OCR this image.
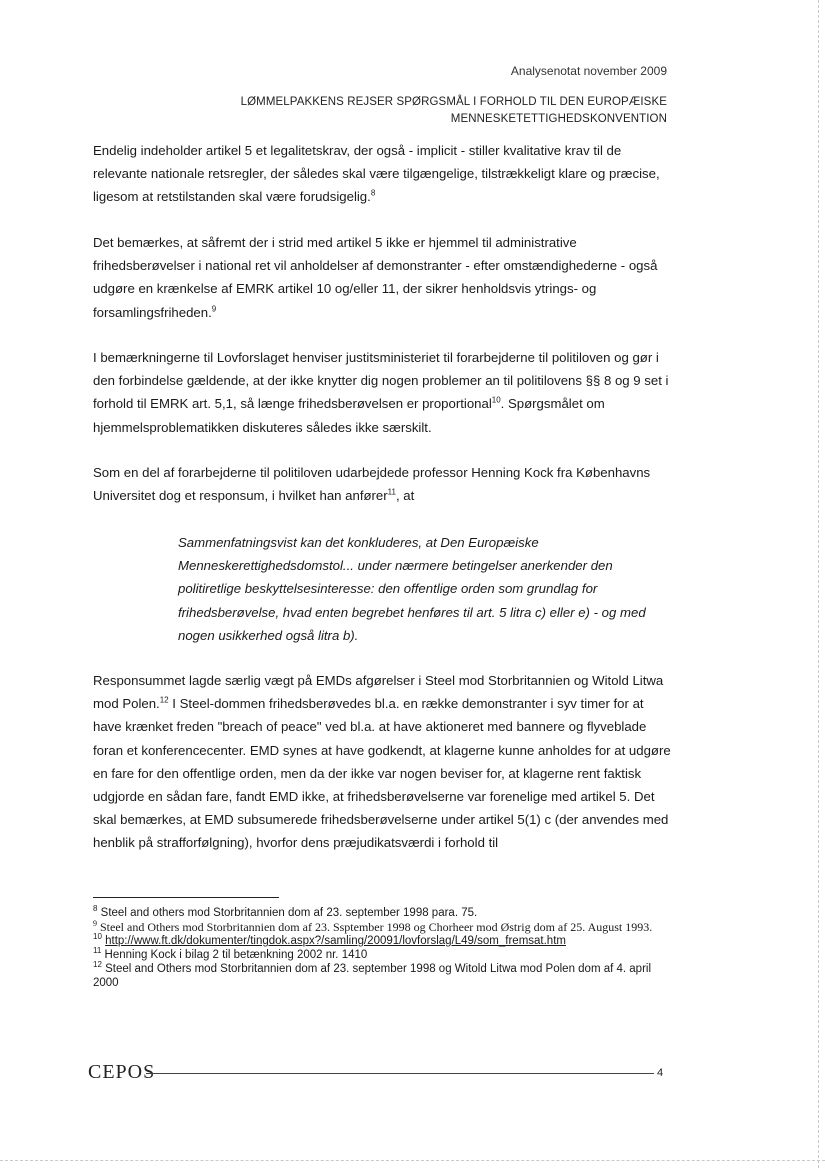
Analysenotat november 2009
LØMMELPAKKENS REJSER SPØRGSMÅL I FORHOLD TIL DEN EUROPÆISKE MENNESKETETTIGHEDSKONVENTION

Endelig indeholder artikel 5 et legalitetskrav, der også - implicit - stiller kvalitative krav til de relevante nationale retsregler, der således skal være tilgængelige, tilstrækkeligt klare og præcise, ligesom at retstilstanden skal være forudsigelig.$^8$

Det bemærkes, at såfremt der i strid med artikel 5 ikke er hjemmel til administrative frihedsberøvelser i national ret vil anholdelser af demonstranter - efter omstændighederne - også udgøre en krænkelse af EMRK artikel 10 og/eller 11, der sikrer henholdsvis ytrings- og forsamlingsfriheden.$^9$

I bemærkningerne til Lovforslaget henviser justitsministeriet til forarbejderne til politiloven og gør i den forbindelse gældende, at der ikke knytter dig nogen problemer an til politilovens §§ 8 og 9 set i forhold til EMRK art. 5,1, så længe frihedsberøvelsen er proportional$^{10}$. Spørgsmålet om hjemmelsproblematikken diskuteres således ikke særskilt.

Som en del af forarbejderne til politiloven udarbejdede professor Henning Kock fra Københavns Universitet dog et responsum, i hvilket han anfører$^{11}$, at

Sammenfatningsvist kan det konkluderes, at Den Europæiske Menneskerettighedsdomstol... under nærmere betingelser anerkender den politiretlige beskyttelsesinteresse: den offentlige orden som grundlag for frihedsberøvelse, hvad enten begrebet henføres til art. 5 litra c) eller e) - og med nogen usikkerhed også litra b).

Responsummet lagde særlig vægt på EMDs afgørelser i Steel mod Storbritannien og Witold Litwa mod Polen.$^{12}$ I Steel-dommen frihedsberøvedes bl.a. en række demonstranter i syv timer for at have krænket freden "breach of peace" ved bl.a. at have aktioneret med bannere og flyveblade foran et konferencecenter. EMD synes at have godkendt, at klagerne kunne anholdes for at udgøre en fare for den offentlige orden, men da der ikke var nogen beviser for, at klagerne rent faktisk udgjorde en sådan fare, fandt EMD ikke, at frihedsberøvelserne var forenelige med artikel 5. Det skal bemærkes, at EMD subsumerede frihedsberøvelserne under artikel 5(1) c (der anvendes med henblik på strafforfølgning), hvorfor dens præjudikatsværdi i forhold til

$^8$ Steel and others mod Storbritannien dom af 23. september 1998 para. 75.

$^9$ Steel and Others mod Storbritannien dom af 23. Ssptember 1998 og Chorheer mod Østrig dom af 25. August 1993.

$^{10}$ http://www.ft.dk/dokumenter/tingdok.aspx?/samling/20091/lovforslag/L49/som_fremsat.htm

$^{11}$ Henning Kock i bilag 2 til betænkning 2002 nr. 1410

$^{12}$ Steel and Others mod Storbritannien dom af 23. september 1998 og Witold Litwa mod Polen dom af 4. april 2000

CEPOS	4
